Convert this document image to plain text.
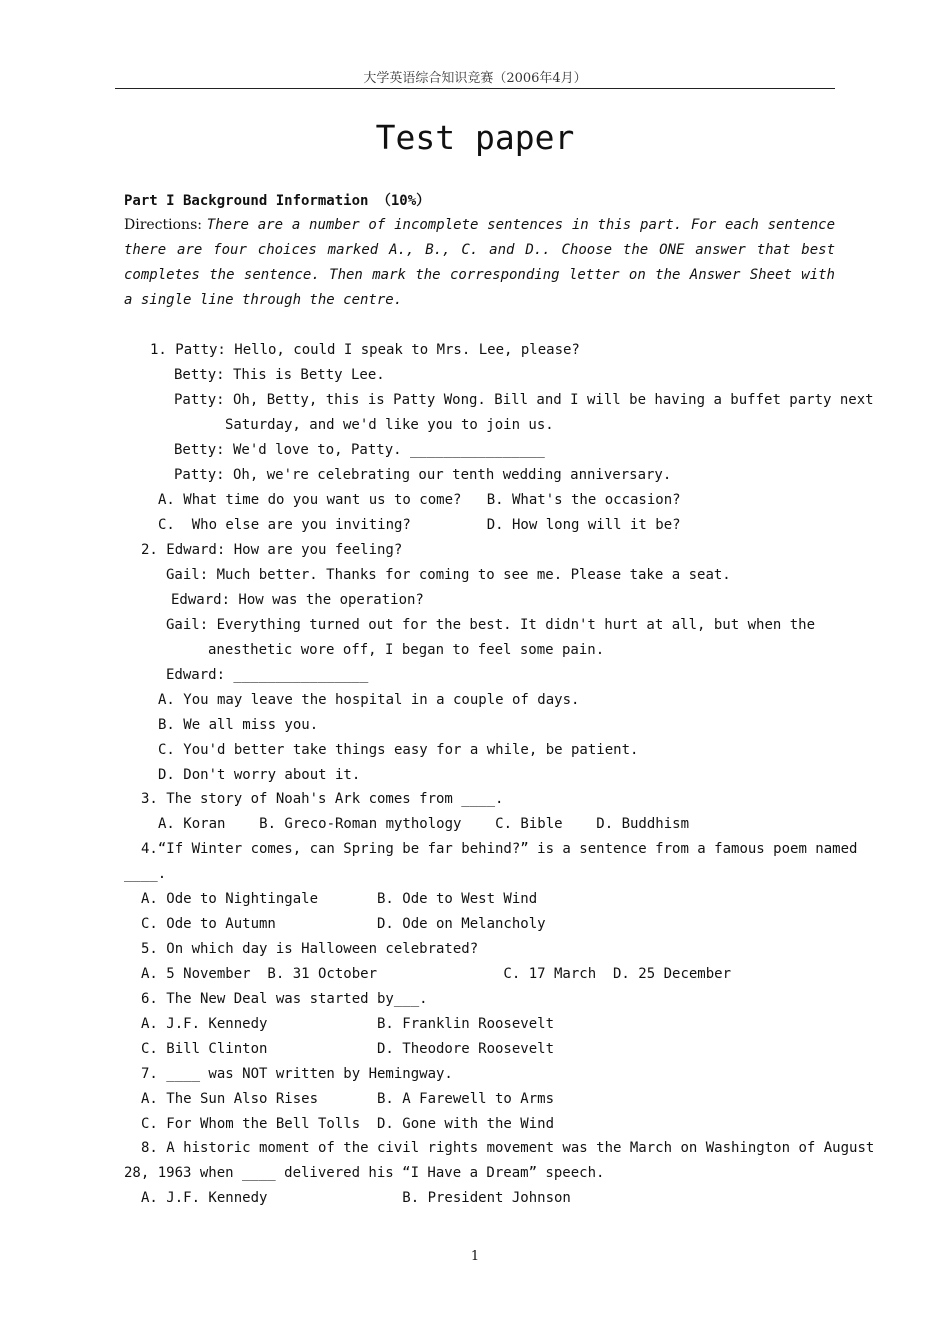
大学英语综合知识竞赛（2006年4月）
Test paper
Part I Background Information （10%）
Directions: There are a number of incomplete sentences in this part. For each sentence there are four choices marked A., B., C. and D.. Choose the ONE answer that best completes the sentence. Then mark the corresponding letter on the Answer Sheet with a single line through the centre.
1. Patty: Hello, could I speak to Mrs. Lee, please?
Betty: This is Betty Lee.
Patty: Oh, Betty, this is Patty Wong. Bill and I will be having a buffet party next
Saturday, and we'd like you to join us.
Betty: We'd love to, Patty. ________________
Patty: Oh, we're celebrating our tenth wedding anniversary.
A. What time do you want us to come?   B. What's the occasion?
C.  Who else are you inviting?         D. How long will it be?
2. Edward: How are you feeling?
Gail: Much better. Thanks for coming to see me. Please take a seat.
Edward: How was the operation?
Gail: Everything turned out for the best. It didn't hurt at all, but when the
anesthetic wore off, I began to feel some pain.
Edward: ________________
A. You may leave the hospital in a couple of days.
B. We all miss you.
C. You'd better take things easy for a while, be patient.
D. Don't worry about it.
3. The story of Noah's Ark comes from ____.
A. Koran    B. Greco-Roman mythology    C. Bible    D. Buddhism
4.“If Winter comes, can Spring be far behind?” is a sentence from a famous poem named
____.
A. Ode to Nightingale       B. Ode to West Wind
C. Ode to Autumn            D. Ode on Melancholy
5. On which day is Halloween celebrated?
A. 5 November  B. 31 October               C. 17 March  D. 25 December
6. The New Deal was started by___.
A. J.F. Kennedy             B. Franklin Roosevelt
C. Bill Clinton             D. Theodore Roosevelt
7. ____ was NOT written by Hemingway.
A. The Sun Also Rises       B. A Farewell to Arms
C. For Whom the Bell Tolls  D. Gone with the Wind
8. A historic moment of the civil rights movement was the March on Washington of August
28, 1963 when ____ delivered his “I Have a Dream” speech.
A. J.F. Kennedy                B. President Johnson
1
